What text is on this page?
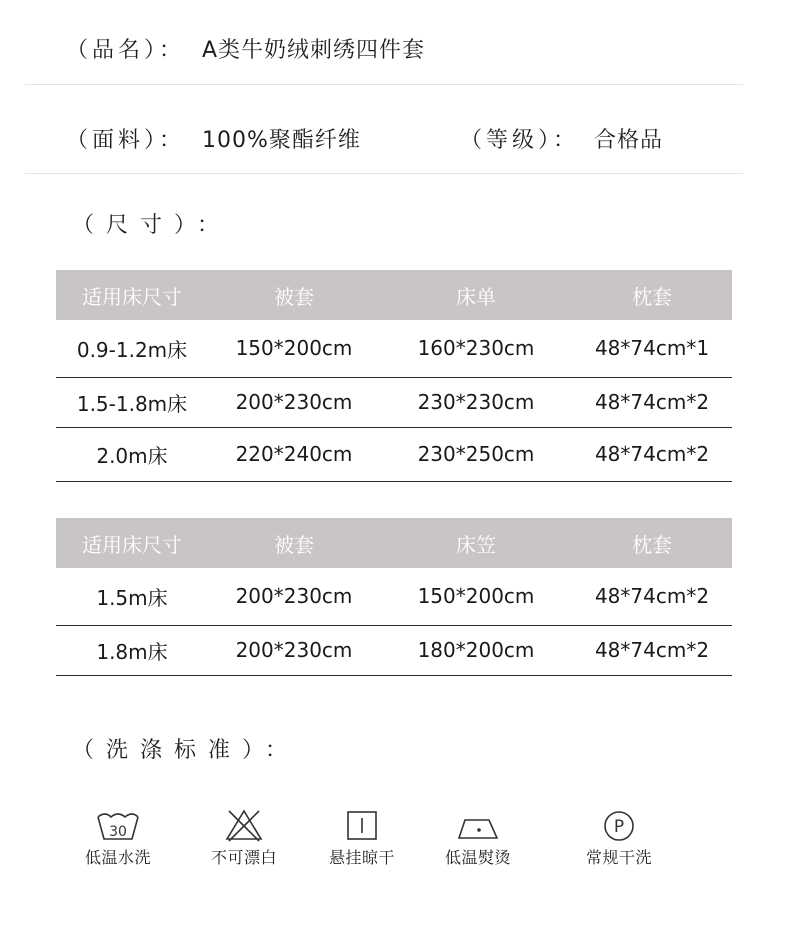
（品名）： A类牛奶绒刺绣四件套
（面料）： 100%聚酯纤维	（等级）： 合格品
（尺寸）：
适用床尺寸	被套	床单	枕套
0.9-1.2m床	150*200cm	160*230cm	48*74cm*1
1.5-1.8m床	200*230cm	230*230cm	48*74cm*2
2.0m床	220*240cm	230*250cm	48*74cm*2
适用床尺寸	被套	床笠	枕套
1.5m床	200*230cm	150*200cm	48*74cm*2
1.8m床	200*230cm	180*200cm	48*74cm*2
（洗涤标准）：
30
低温水洗	不可漂白	悬挂晾干	低温熨烫
P
常规干洗
